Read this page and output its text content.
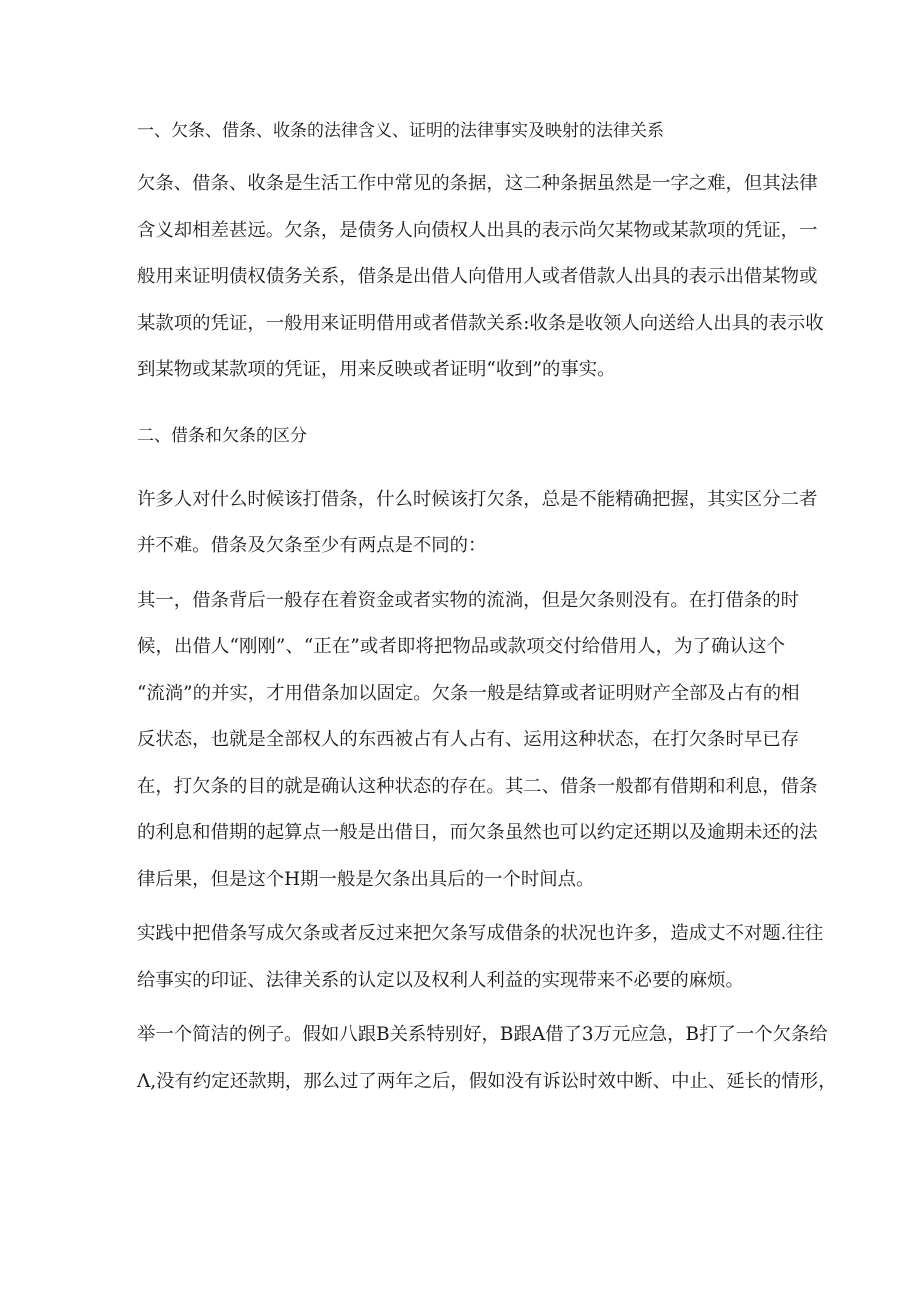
一、欠条、借条、收条的法律含义、证明的法律事实及映射的法律关系

欠条、借条、收条是生活工作中常见的条据，这二种条据虽然是一字之难，但其法律
含义却相差甚远。欠条，是债务人向债权人出具的表示尚欠某物或某款项的凭证，一
般用来证明债权债务关系，借条是出借人向借用人或者借款人出具的表示出借某物或
某款项的凭证，一般用来证明借用或者借款关系:收条是收领人向送给人出具的表示收
到某物或某款项的凭证，用来反映或者证明“收到”的事实。

二、借条和欠条的区分

许多人对什么时候该打借条，什么时候该打欠条，总是不能精确把握，其实区分二者
并不难。借条及欠条至少有两点是不同的：
其一，借条背后一般存在着资金或者实物的流淌，但是欠条则没有。在打借条的时
候，出借人“刚刚”、“正在”或者即将把物品或款项交付给借用人，为了确认这个
“流淌”的并实，才用借条加以固定。欠条一般是结算或者证明财产全部及占有的相
反状态，也就是全部权人的东西被占有人占有、运用这种状态，在打欠条时早已存
在，打欠条的目的就是确认这种状态的存在。其二、借条一般都有借期和利息，借条
的利息和借期的起算点一般是出借日，而欠条虽然也可以约定还期以及逾期未还的法
律后果，但是这个H期一般是欠条出具后的一个时间点。
实践中把借条写成欠条或者反过来把欠条写成借条的状况也许多，造成丈不对题.往往
给事实的印证、法律关系的认定以及权利人利益的实现带来不必要的麻烦。
举一个简洁的例子。假如八跟B关系特别好，B跟A借了3万元应急，B打了一个欠条给
Λ,没有约定还款期，那么过了两年之后，假如没有诉讼时效中断、中止、延长的情形，
